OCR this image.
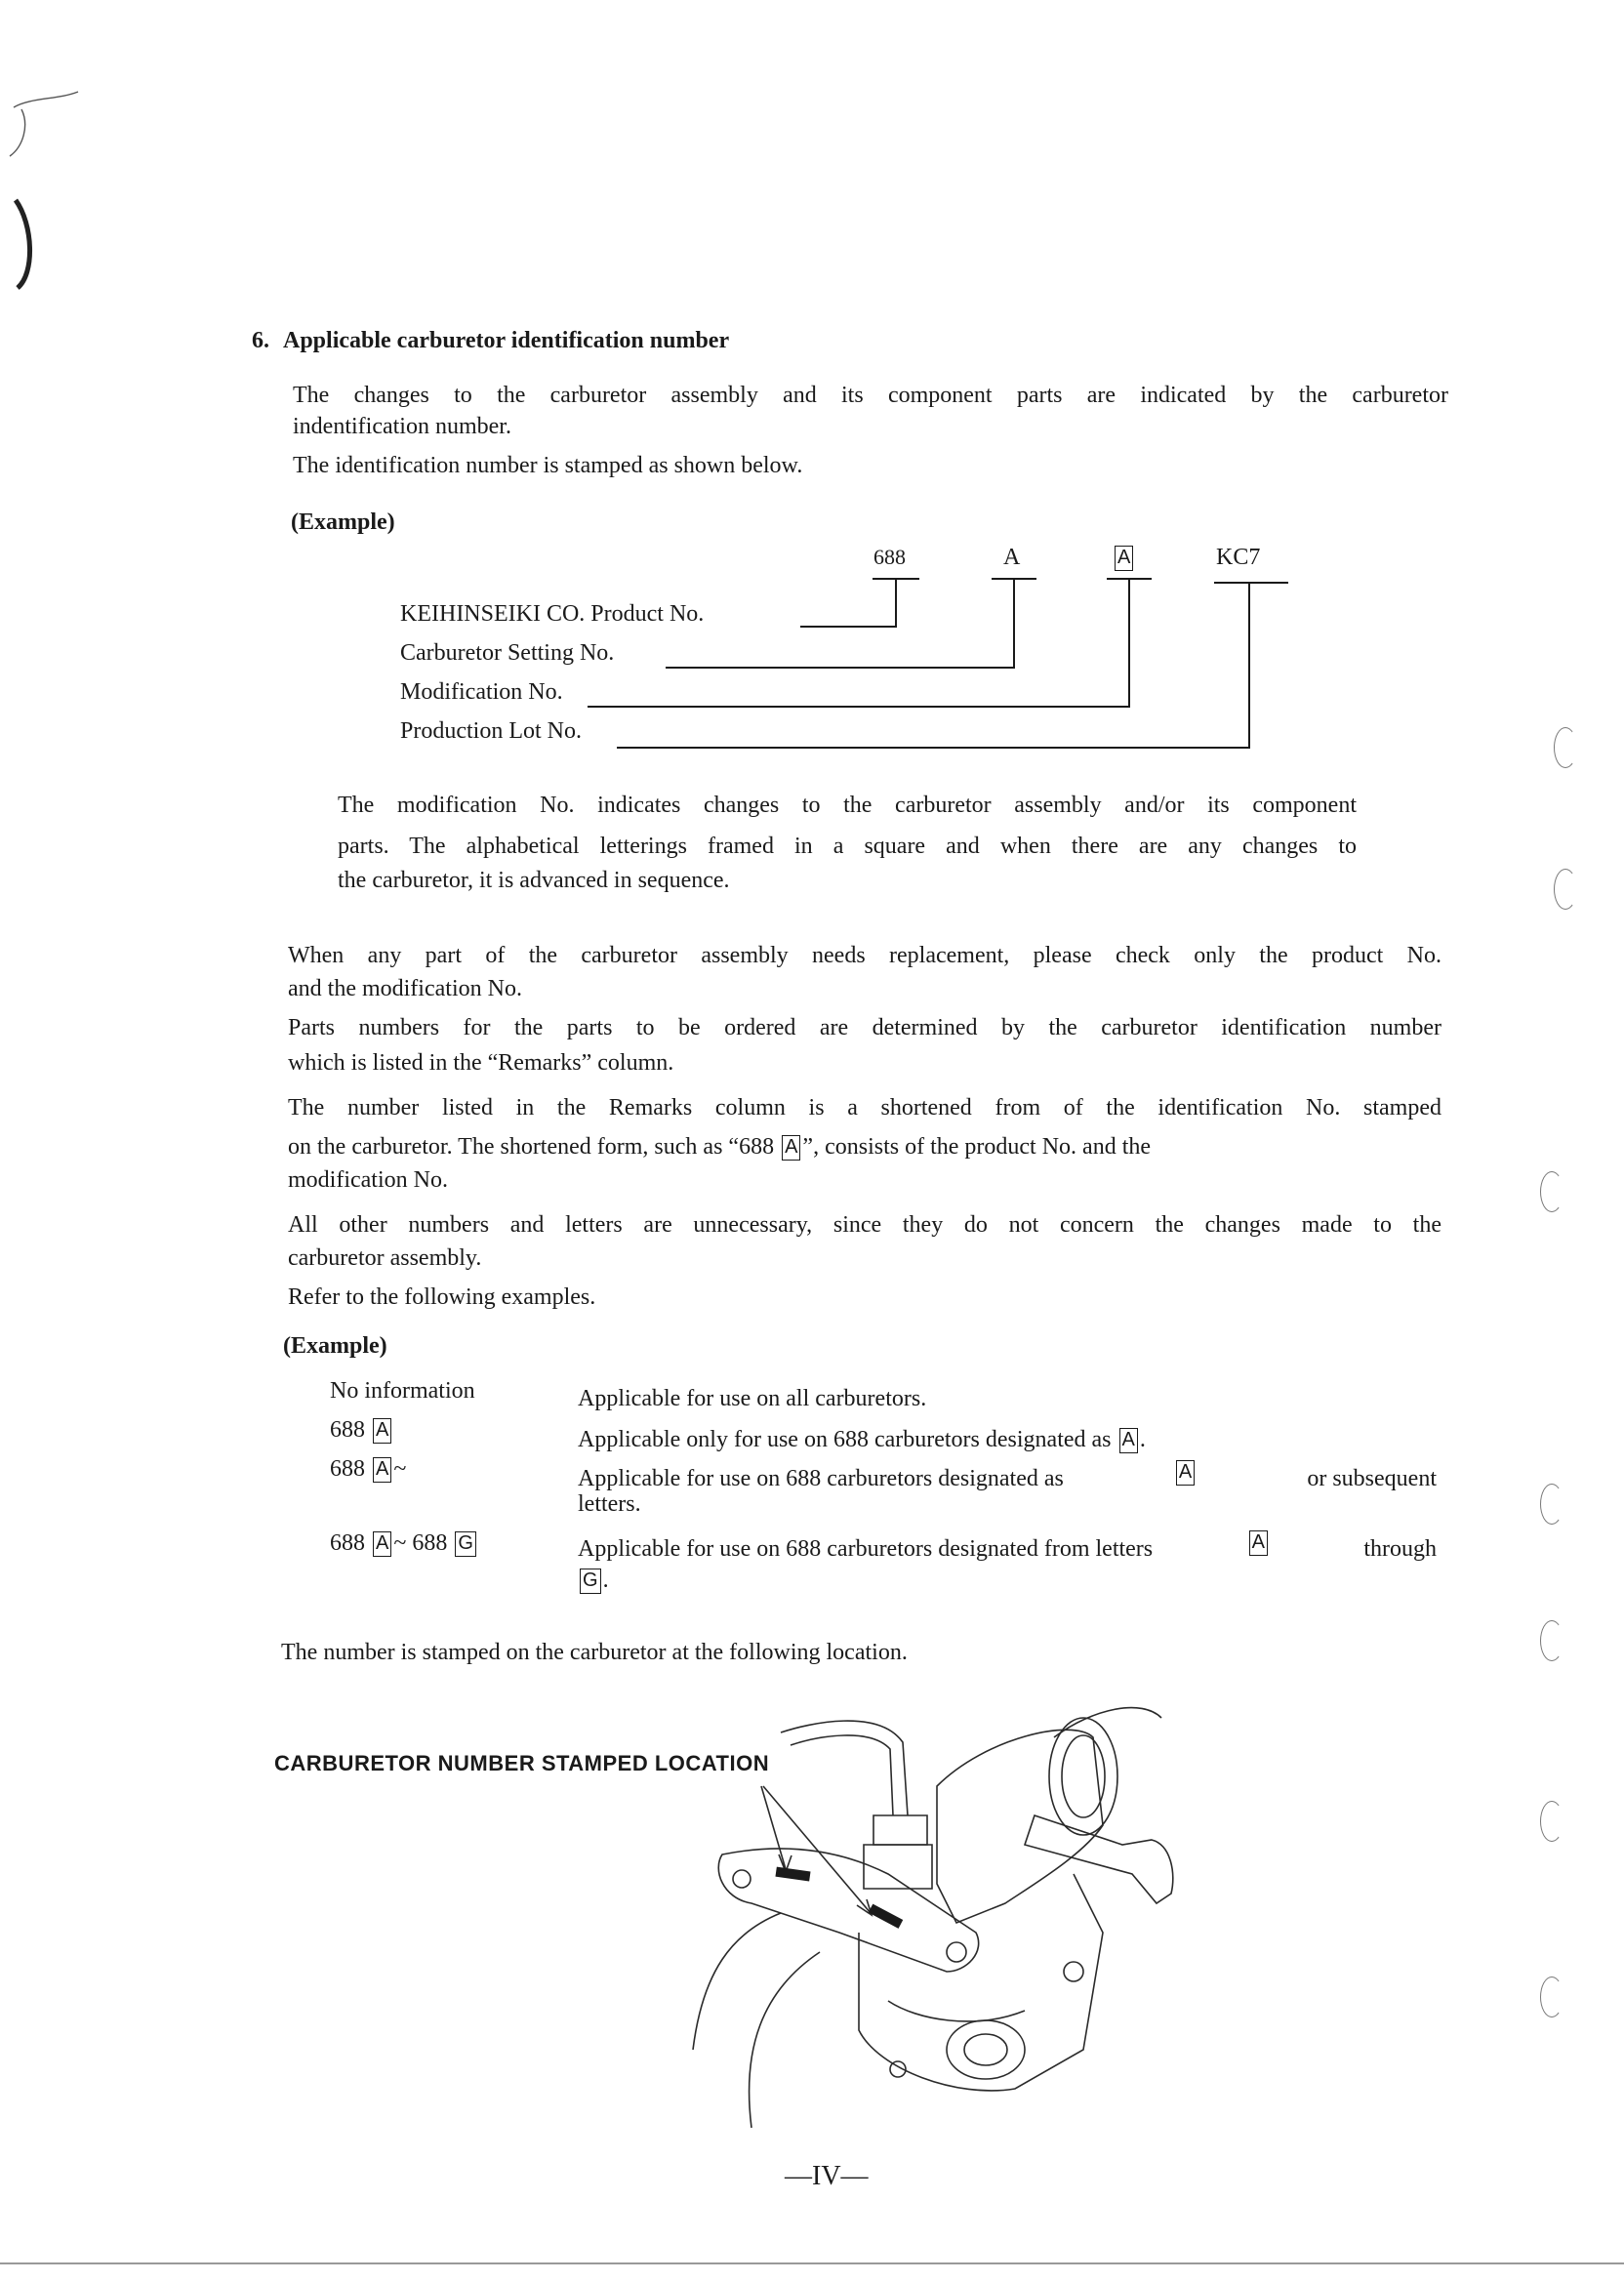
6. Applicable carburetor identification number
The changes to the carburetor assembly and its component parts are indicated by the carburetor
indentification number.
The identification number is stamped as shown below.
(Example)
688	A	A	KC7
KEIHINSEIKI CO. Product No.
Carburetor Setting No.
Modification No.
Production Lot No.
The modification No. indicates changes to the carburetor assembly and/or its component
parts. The alphabetical letterings framed in a square and when there are any changes to
the carburetor, it is advanced in sequence.
When any part of the carburetor assembly needs replacement, please check only the product No.
and the modification No.
Parts numbers for the parts to be ordered are determined by the carburetor identification number
which is listed in the “Remarks” column.
The number listed in the Remarks column is a shortened from of the identification No. stamped
on the carburetor. The shortened form, such as “688 A ”, consists of the product No. and the
modification No.
All other numbers and letters are unnecessary, since they do not concern the changes made to the
carburetor assembly.
Refer to the following examples.
(Example)
No information	Applicable for use on all carburetors.
688 A	Applicable only for use on 688 carburetors designated as A .
688 A ~	Applicable for use on 688 carburetors designated as	A	or subsequent
letters.
688 A ~ 688 G	Applicable for use on 688 carburetors designated from letters	A	through
G .
The number is stamped on the carburetor at the following location.
CARBURETOR NUMBER STAMPED LOCATION
—IV—
